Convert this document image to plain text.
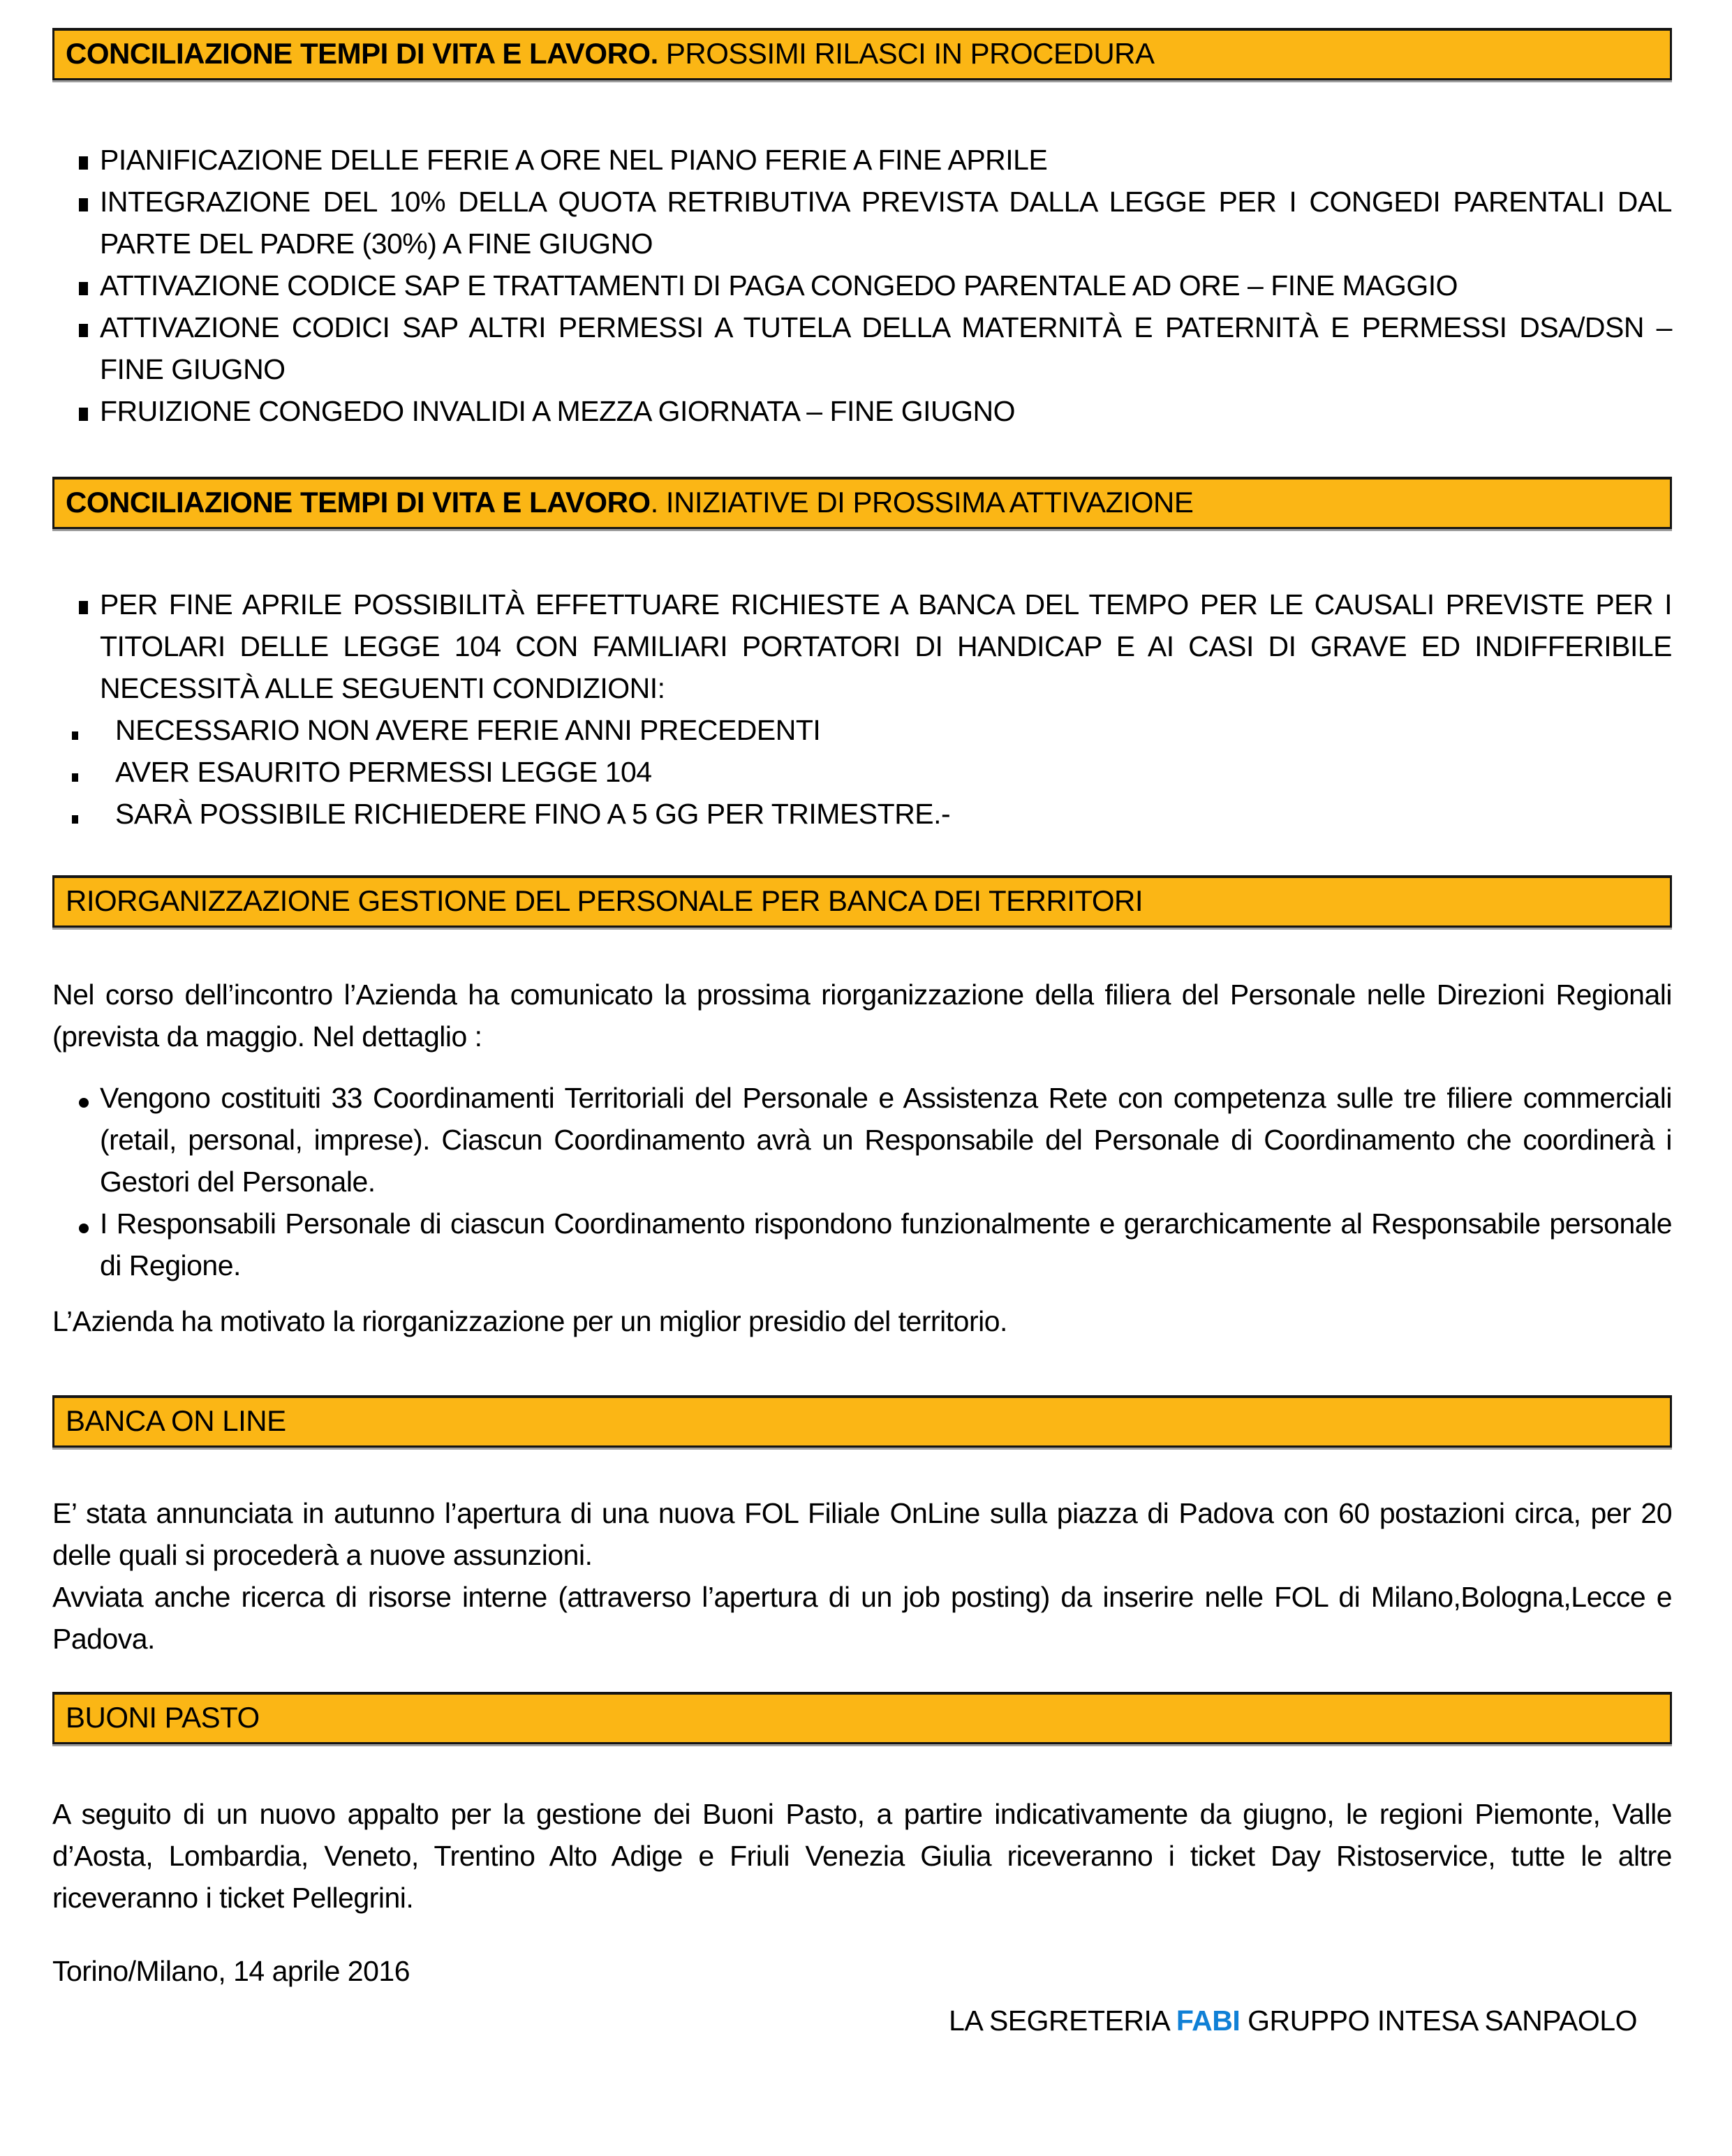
CONCILIAZIONE TEMPI DI VITA E LAVORO. PROSSIMI RILASCI IN PROCEDURA
PIANIFICAZIONE DELLE FERIE A ORE NEL PIANO FERIE A FINE APRILE
INTEGRAZIONE DEL 10% DELLA QUOTA RETRIBUTIVA PREVISTA DALLA LEGGE PER I CONGEDI PARENTALI DAL PARTE DEL PADRE (30%) A FINE GIUGNO
ATTIVAZIONE CODICE SAP E TRATTAMENTI DI PAGA CONGEDO PARENTALE AD ORE – FINE MAGGIO
ATTIVAZIONE CODICI SAP ALTRI PERMESSI A TUTELA DELLA MATERNITÀ E PATERNITÀ E PERMESSI DSA/DSN – FINE GIUGNO
FRUIZIONE CONGEDO INVALIDI A MEZZA GIORNATA – FINE GIUGNO
CONCILIAZIONE TEMPI DI VITA E LAVORO. INIZIATIVE DI PROSSIMA ATTIVAZIONE
PER FINE APRILE POSSIBILITÀ EFFETTUARE RICHIESTE A BANCA DEL TEMPO PER LE CAUSALI PREVISTE PER I TITOLARI DELLE LEGGE 104 CON FAMILIARI PORTATORI DI HANDICAP E AI CASI DI GRAVE ED INDIFFERIBILE NECESSITÀ ALLE SEGUENTI CONDIZIONI:
NECESSARIO NON AVERE FERIE ANNI PRECEDENTI
AVER ESAURITO PERMESSI LEGGE 104
SARÀ POSSIBILE RICHIEDERE FINO A 5 GG PER TRIMESTRE.-
RIORGANIZZAZIONE GESTIONE DEL PERSONALE PER BANCA DEI TERRITORI
Nel corso dell’incontro l’Azienda ha comunicato la prossima riorganizzazione della filiera del Personale nelle Direzioni Regionali (prevista da maggio. Nel dettaglio :
Vengono costituiti 33 Coordinamenti Territoriali del Personale e Assistenza Rete con competenza sulle tre filiere commerciali (retail, personal, imprese). Ciascun Coordinamento avrà un Responsabile del Personale di Coordinamento che coordinerà i Gestori del Personale.
I Responsabili Personale di ciascun Coordinamento rispondono funzionalmente e gerarchicamente al Responsabile personale di Regione.
L’Azienda ha motivato la riorganizzazione per un miglior presidio del territorio.
BANCA ON LINE
E’ stata annunciata in autunno l’apertura di una nuova FOL Filiale OnLine sulla piazza di Padova con 60 postazioni circa, per 20 delle quali si procederà a nuove assunzioni.
Avviata anche ricerca di risorse interne (attraverso l’apertura di un job posting) da inserire nelle FOL di Milano,Bologna,Lecce e Padova.
BUONI PASTO
A seguito di un nuovo appalto per la gestione dei Buoni Pasto, a partire indicativamente da giugno, le regioni Piemonte, Valle d’Aosta, Lombardia, Veneto, Trentino Alto Adige e Friuli Venezia Giulia riceveranno i ticket Day Ristoservice, tutte le altre riceveranno i ticket Pellegrini.
Torino/Milano, 14 aprile 2016
LA SEGRETERIA FABI GRUPPO INTESA SANPAOLO
